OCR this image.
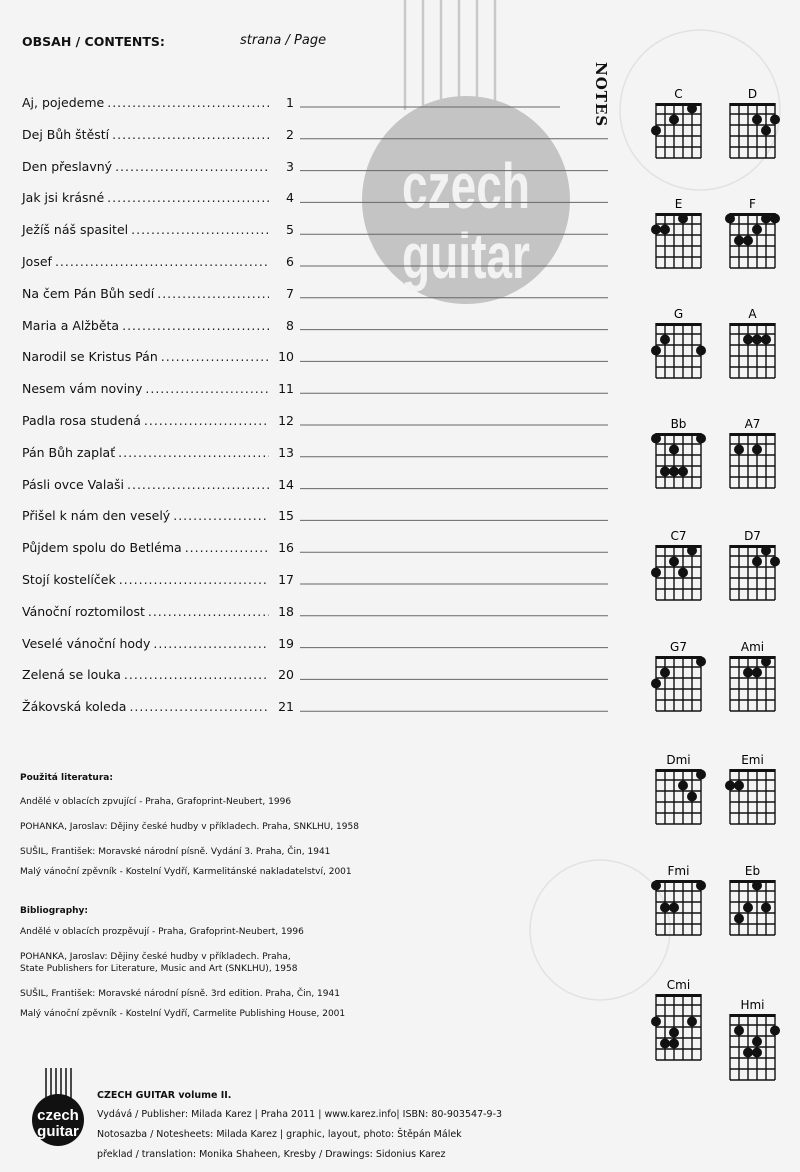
czech
guitar
OBSAH / CONTENTS:	strana / Page
Aj, pojedeme .....	1
Dej Bůh štěstí .....	2
Den přeslavný .....	3
Jak jsi krásné .....	4
Ježíš náš spasitel .....	5
Josef .....	6
Na čem Pán Bůh sedí .....	7
Maria a Alžběta .....	8
Narodil se Kristus Pán .....	10
Nesem vám noviny .....	11
Padla rosa studená .....	12
Pán Bůh zaplať .....	13
Pásli ovce Valaši .....	14
Přišel k nám den veselý .....	15
Půjdem spolu do Betléma .....	16
Stojí kostelíček .....	17
Vánoční roztomilost .....	18
Veselé vánoční hody .....	19
Zelená se louka .....	20
Žákovská koleda .....	21
NOTES	C	D
E	F
G	A
Bb	A7
C7	D7
G7	Ami
Dmi	Emi
Fmi	Eb
Cmi
Hmi
Použitá literatura:
Andělé v oblacích zpvující - Praha, Grafoprint-Neubert, 1996
POHANKA, Jaroslav: Dějiny české hudby v příkladech. Praha, SNKLHU, 1958
SUŠIL, František: Moravské národní písně. Vydání 3. Praha, Čin, 1941
Malý vánoční zpěvník - Kostelní Vydří, Karmelitánské nakladatelství, 2001
Bibliography:
Andělé v oblacích prozpěvují - Praha, Grafoprint-Neubert, 1996
POHANKA, Jaroslav: Dějiny české hudby v příkladech. Praha,
State Publishers for Literature, Music and Art (SNKLHU), 1958
SUŠIL, František: Moravské národní písně. 3rd edition. Praha, Čin, 1941
Malý vánoční zpěvník - Kostelní Vydří, Carmelite Publishing House, 2001
czech
guitar
CZECH GUITAR volume II.
Vydává / Publisher: Milada Karez | Praha 2011 | www.karez.info| ISBN: 80-903547-9-3
Notosazba / Notesheets: Milada Karez | graphic, layout, photo: Štěpán Málek
překlad / translation: Monika Shaheen, Kresby / Drawings: Sidonius Karez
